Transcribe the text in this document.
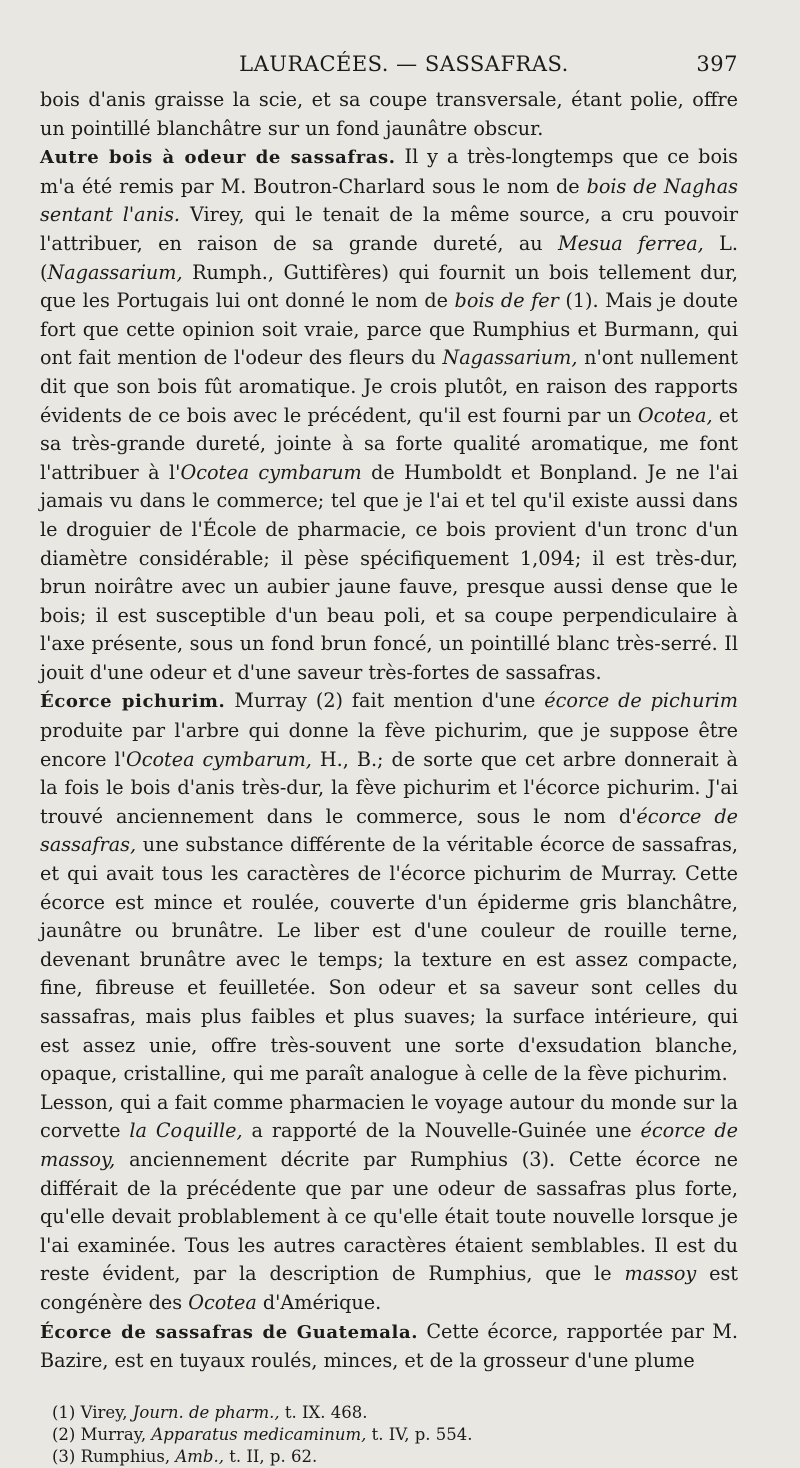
LAURACÉES. — SASSAFRAS.	397

bois d'anis graisse la scie, et sa coupe transversale, étant polie, offre un pointillé blanchâtre sur un fond jaunâtre obscur.

Autre bois à odeur de sassafras. Il y a très-longtemps que ce bois m'a été remis par M. Boutron-Charlard sous le nom de bois de Naghas sentant l'anis. Virey, qui le tenait de la même source, a cru pouvoir l'attribuer, en raison de sa grande dureté, au Mesua ferrea, L. (Nagassarium, Rumph., Guttifères) qui fournit un bois tellement dur, que les Portugais lui ont donné le nom de bois de fer (1). Mais je doute fort que cette opinion soit vraie, parce que Rumphius et Burmann, qui ont fait mention de l'odeur des fleurs du Nagassarium, n'ont nullement dit que son bois fût aromatique. Je crois plutôt, en raison des rapports évidents de ce bois avec le précédent, qu'il est fourni par un Ocotea, et sa très-grande dureté, jointe à sa forte qualité aromatique, me font l'attribuer à l'Ocotea cymbarum de Humboldt et Bonpland. Je ne l'ai jamais vu dans le commerce; tel que je l'ai et tel qu'il existe aussi dans le droguier de l'École de pharmacie, ce bois provient d'un tronc d'un diamètre considérable; il pèse spécifiquement 1,094; il est très-dur, brun noirâtre avec un aubier jaune fauve, presque aussi dense que le bois; il est susceptible d'un beau poli, et sa coupe perpendiculaire à l'axe présente, sous un fond brun foncé, un pointillé blanc très-serré. Il jouit d'une odeur et d'une saveur très-fortes de sassafras.

Écorce pichurim. Murray (2) fait mention d'une écorce de pichurim produite par l'arbre qui donne la fève pichurim, que je suppose être encore l'Ocotea cymbarum, H., B.; de sorte que cet arbre donnerait à la fois le bois d'anis très-dur, la fève pichurim et l'écorce pichurim. J'ai trouvé anciennement dans le commerce, sous le nom d'écorce de sassafras, une substance différente de la véritable écorce de sassafras, et qui avait tous les caractères de l'écorce pichurim de Murray. Cette écorce est mince et roulée, couverte d'un épiderme gris blanchâtre, jaunâtre ou brunâtre. Le liber est d'une couleur de rouille terne, devenant brunâtre avec le temps; la texture en est assez compacte, fine, fibreuse et feuilletée. Son odeur et sa saveur sont celles du sassafras, mais plus faibles et plus suaves; la surface intérieure, qui est assez unie, offre très-souvent une sorte d'exsudation blanche, opaque, cristalline, qui me paraît analogue à celle de la fève pichurim.

Lesson, qui a fait comme pharmacien le voyage autour du monde sur la corvette la Coquille, a rapporté de la Nouvelle-Guinée une écorce de massoy, anciennement décrite par Rumphius (3). Cette écorce ne différait de la précédente que par une odeur de sassafras plus forte, qu'elle devait problablement à ce qu'elle était toute nouvelle lorsque je l'ai examinée. Tous les autres caractères étaient semblables. Il est du reste évident, par la description de Rumphius, que le massoy est congénère des Ocotea d'Amérique.

Écorce de sassafras de Guatemala. Cette écorce, rapportée par M. Bazire, est en tuyaux roulés, minces, et de la grosseur d'une plume

(1) Virey, Journ. de pharm., t. IX. 468.
(2) Murray, Apparatus medicaminum, t. IV, p. 554.
(3) Rumphius, Amb., t. II, p. 62.
